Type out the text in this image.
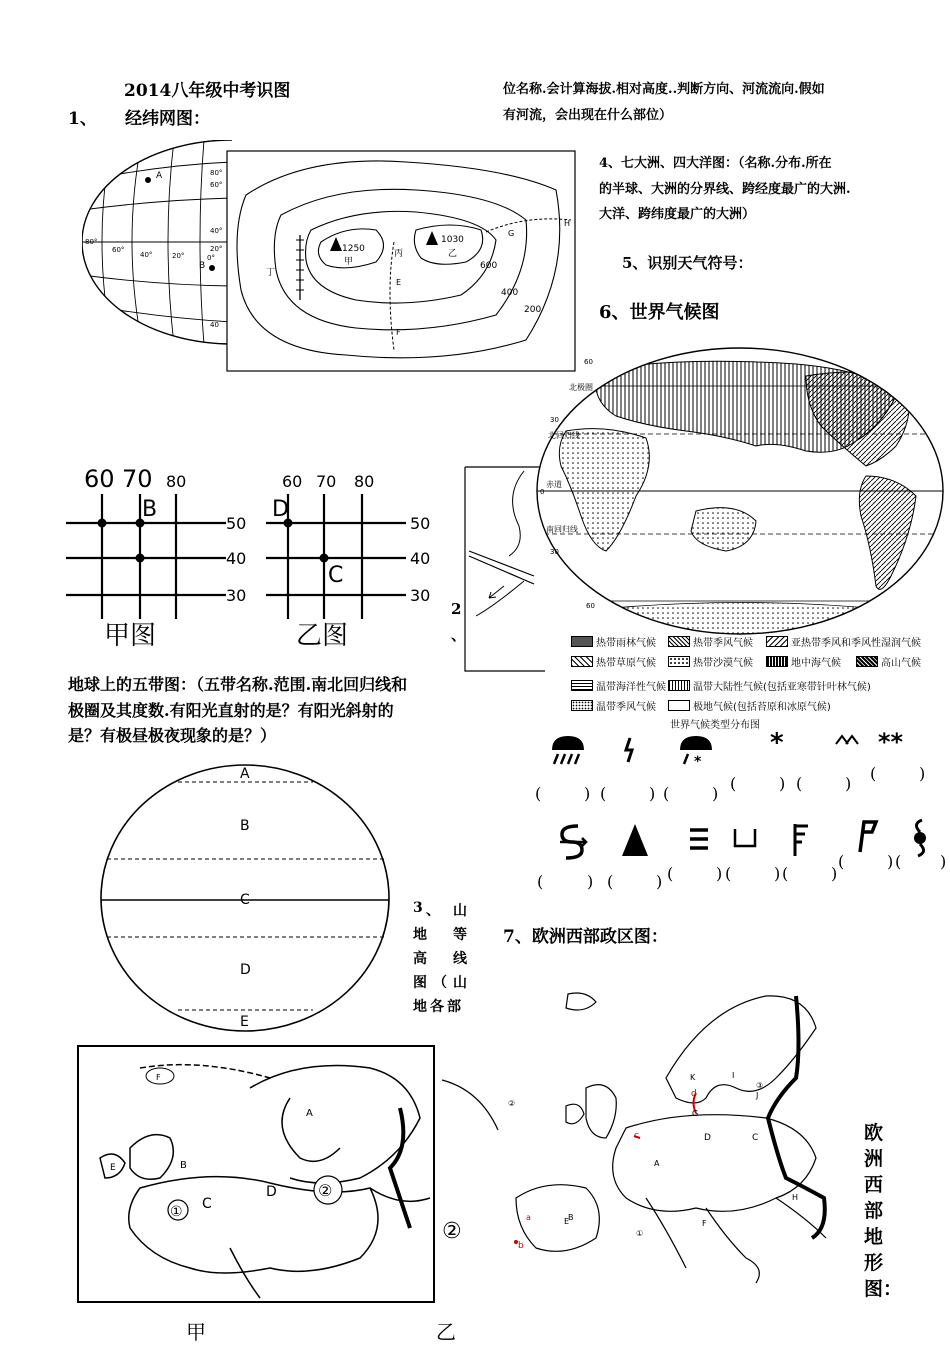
2014八年级中考识图
1、 经纬网图：
位名称.会计算海拔.相对高度..判断方向、河流流向.假如
有河流，会出现在什么部位）
A
B
80°
60°
40°	20°	0°
80°
60°
40°
20°
40
1250
甲
1030
乙
丙
丁
E
F
G
H
600
400
200
4、七大洲、四大洋图：（名称.分布.所在
的半球、大洲的分界线、跨经度最广的大洲.
大洋、跨纬度最广的大洲）
5、识别天气符号：
6、世界气候图
60 70 80
B
50
40
30
甲图
60 70 80
D
C
50
40
30
乙图
2
、
北极圈
北回归线
赤道
南回归线
60
30
0
30
60
热带雨林气候	热带季风气候	亚热带季风和季风性湿润气候
热带草原气候	热带沙漠气候	地中海气候	高山气候
温带海洋性气候	温带大陆性气候(包括亚寒带针叶林气候)
温带季风气候	极地气候(包括苔原和冰原气候)
世界气候类型分布图
*
*	**
(	) (	) (	)
(	) (	)
(	)
(	) (	) (	) (	) (	)
(	) ( )
地球上的五带图：（五带名称.范围.南北回归线和
极圈及其度数.有阳光直射的是？有阳光斜射的
是？有极昼极夜现象的是？）
A
B
C
D
E
3 、 山
地 等
高 线
图（山
地各部
7、欧洲西部政区图：
F
A
B
C
D
E
①
②
②
甲	乙
b
d
c
a
A
B
C
D
E	F
G
H
I
J
K
①
②
③
欧
洲
西
部
地
形
图：
